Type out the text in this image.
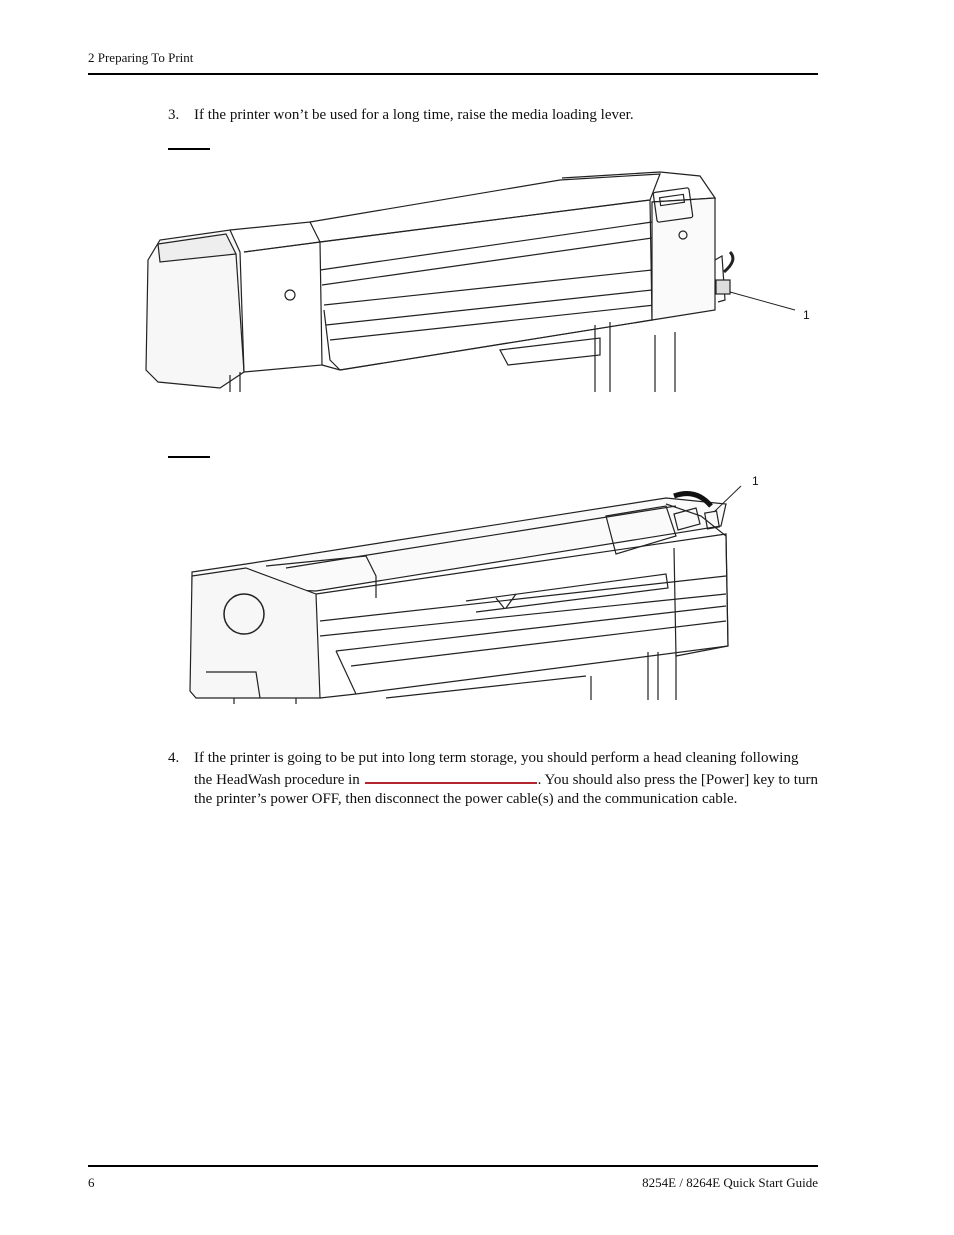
2 Preparing To Print
3. If the printer won’t be used for a long time, raise the media loading lever.
1
1
4. If the printer is going to be put into long term storage, you should perform a head cleaning following the HeadWash procedure in	. You should also press the [Power] key to turn the printer’s power OFF, then disconnect the power cable(s) and the communication cable.
6	8254E / 8264E Quick Start Guide
